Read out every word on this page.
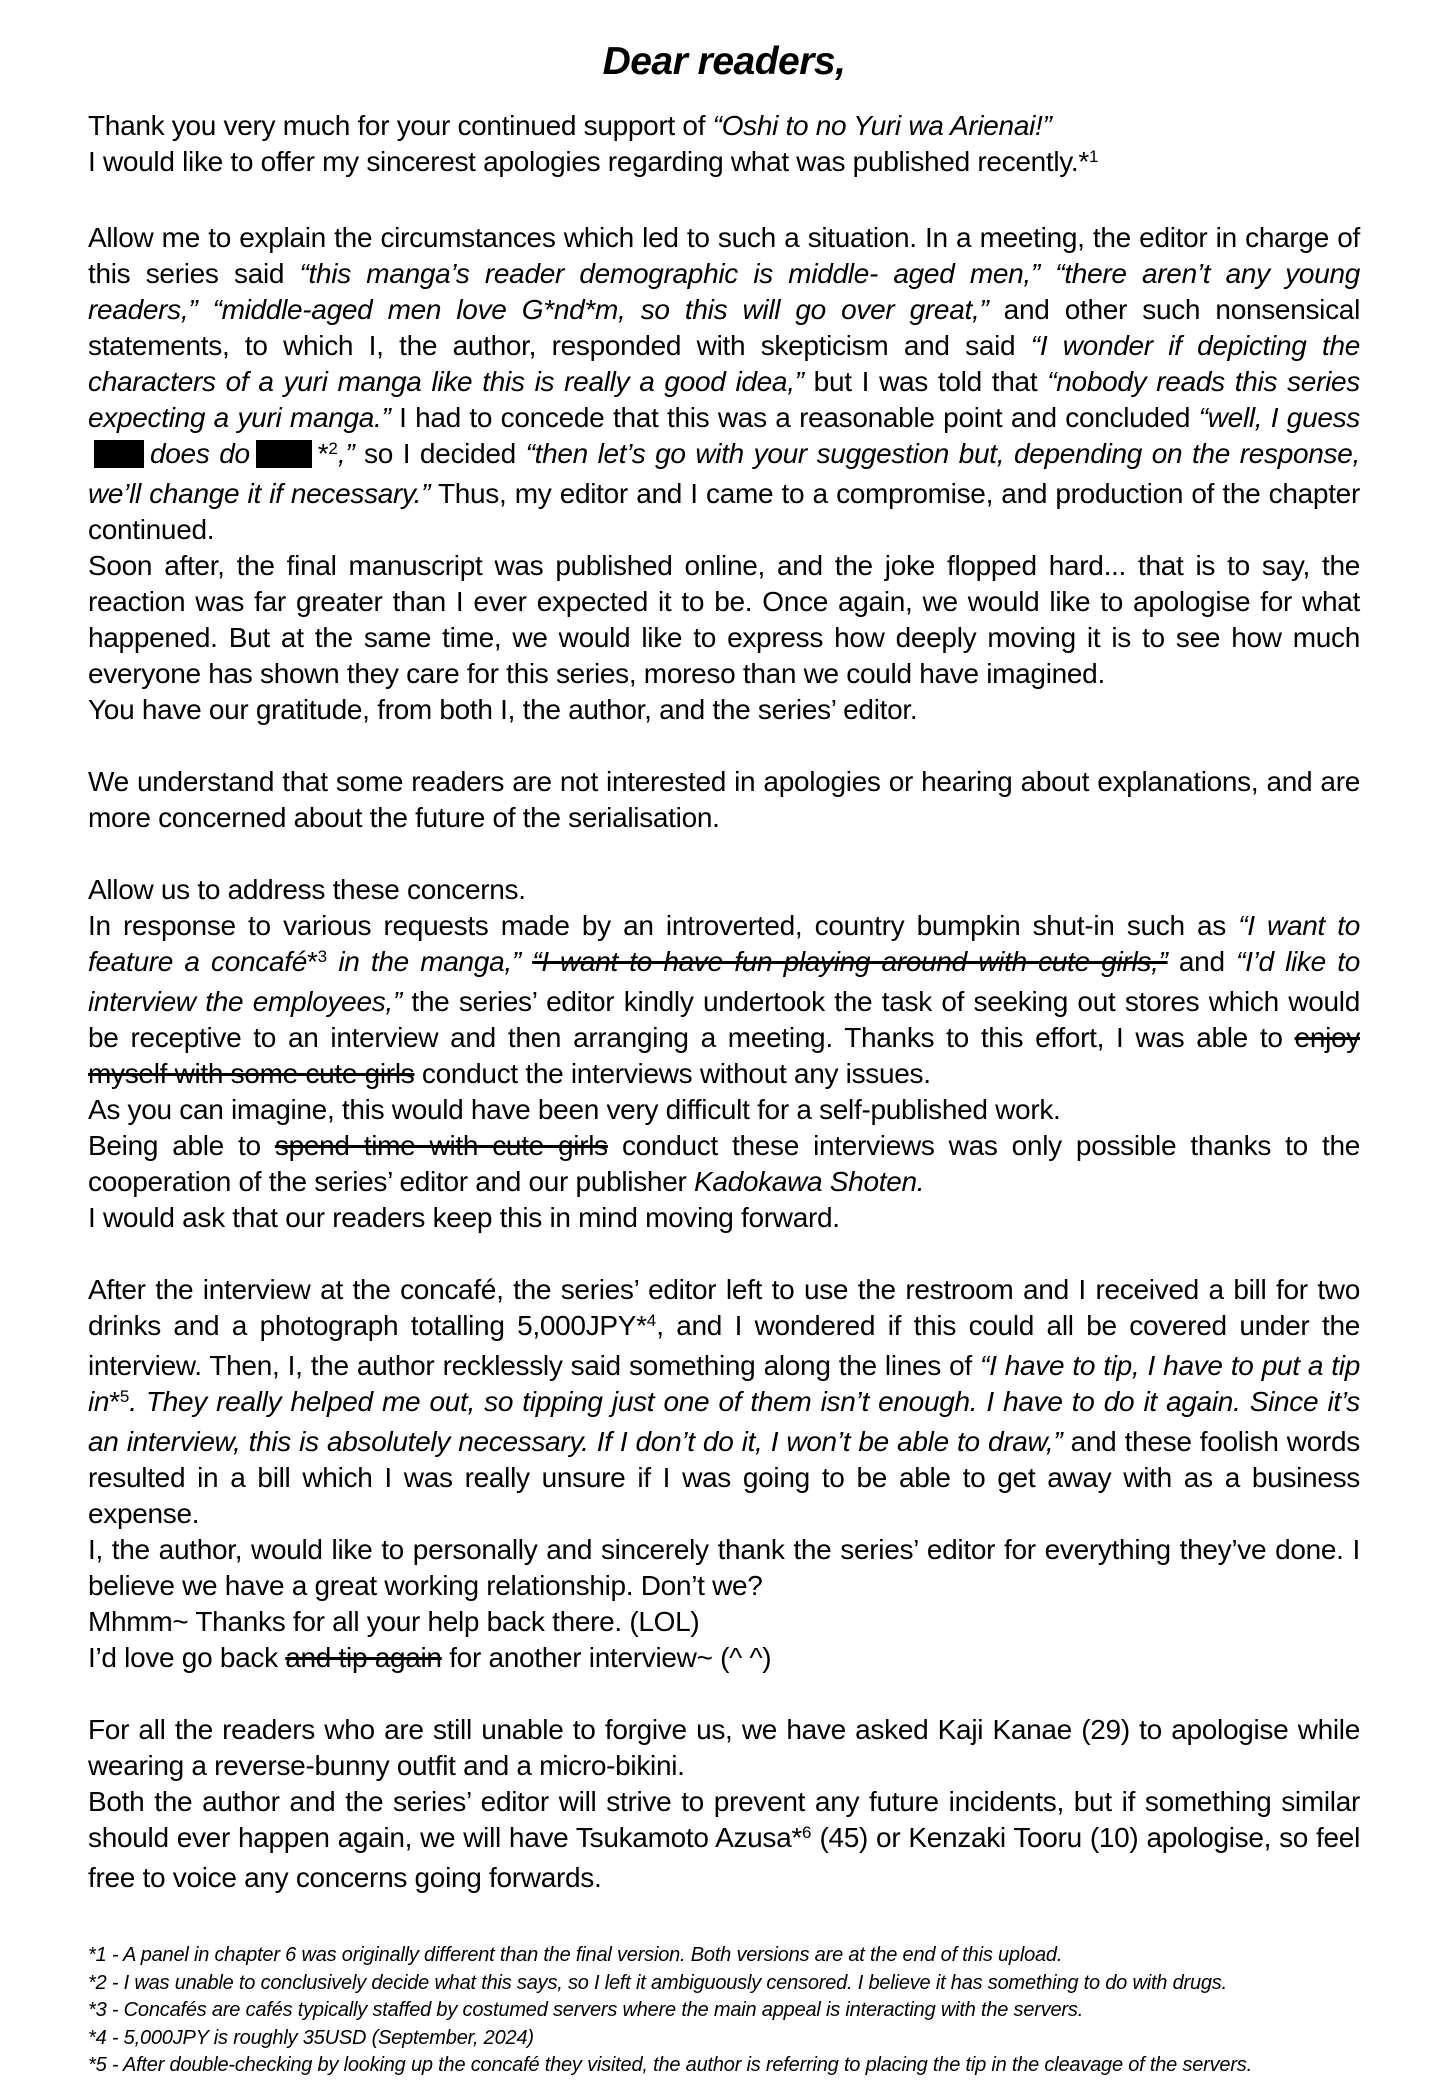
Dear readers,

Thank you very much for your continued support of “Oshi to no Yuri wa Arienai!”

I would like to offer my sincerest apologies regarding what was published recently.*$^1$

Allow me to explain the circumstances which led to such a situation. In a meeting, the editor in charge of this series said “this manga’s reader demographic is middle- aged men,” “there aren’t any young readers,” “middle-aged men love G*nd*m, so this will go over great,” and other such nonsensical statements, to which I, the author, responded with skepticism and said “I wonder if depicting the characters of a yuri manga like this is really a good idea,” but I was told that “nobody reads this series expecting a yuri manga.” I had to concede that this was a reasonable point and concluded “well, I guessdoes do *$^2$,” so I decided “then let’s go with your suggestion but, depending on the response, we’ll change it if necessary.” Thus, my editor and I came to a compromise, and production of the chapter continued.

Soon after, the final manuscript was published online, and the joke flopped hard... that is to say, the reaction was far greater than I ever expected it to be. Once again, we would like to apologise for what happened. But at the same time, we would like to express how deeply moving it is to see how much everyone has shown they care for this series, moreso than we could have imagined.

You have our gratitude, from both I, the author, and the series’ editor.

We understand that some readers are not interested in apologies or hearing about explanations, and are more concerned about the future of the serialisation.

Allow us to address these concerns.

In response to various requests made by an introverted, country bumpkin shut-in such as “I want to feature a concafé*$^3$ in the manga,” “I want to have fun playing around with cute girls,” and “I’d like to interview the employees,” the series’ editor kindly undertook the task of seeking out stores which would be receptive to an interview and then arranging a meeting. Thanks to this effort, I was able to enjoy myself with some cute girls conduct the interviews without any issues.

As you can imagine, this would have been very difficult for a self-published work.

Being able to spend time with cute girls conduct these interviews was only possible thanks to the cooperation of the series’ editor and our publisher Kadokawa Shoten.

I would ask that our readers keep this in mind moving forward.

After the interview at the concafé, the series’ editor left to use the restroom and I received a bill for two drinks and a photograph totalling 5,000JPY*$^4$, and I wondered if this could all be covered under the interview. Then, I, the author recklessly said something along the lines of “I have to tip, I have to put a tip in*$^5$. They really helped me out, so tipping just one of them isn’t enough. I have to do it again. Since it’s an interview, this is absolutely necessary. If I don’t do it, I won’t be able to draw,” and these foolish words resulted in a bill which I was really unsure if I was going to be able to get away with as a business expense.

I, the author, would like to personally and sincerely thank the series’ editor for everything they’ve done. I believe we have a great working relationship. Don’t we?

Mhmm~ Thanks for all your help back there. (LOL)

I’d love go back and tip again for another interview~ (^ ^)

For all the readers who are still unable to forgive us, we have asked Kaji Kanae (29) to apologise while wearing a reverse-bunny outfit and a micro-bikini.

Both the author and the series’ editor will strive to prevent any future incidents, but if something similar should ever happen again, we will have Tsukamoto Azusa*$^6$ (45) or Kenzaki Tooru (10) apologise, so feel free to voice any concerns going forwards.

*1 - A panel in chapter 6 was originally different than the final version. Both versions are at the end of this upload.
*2 - I was unable to conclusively decide what this says, so I left it ambiguously censored. I believe it has something to do with drugs.
*3 - Concafés are cafés typically staffed by costumed servers where the main appeal is interacting with the servers.
*4 - 5,000JPY is roughly 35USD (September, 2024)
*5 - After double-checking by looking up the concafé they visited, the author is referring to placing the tip in the cleavage of the servers.
